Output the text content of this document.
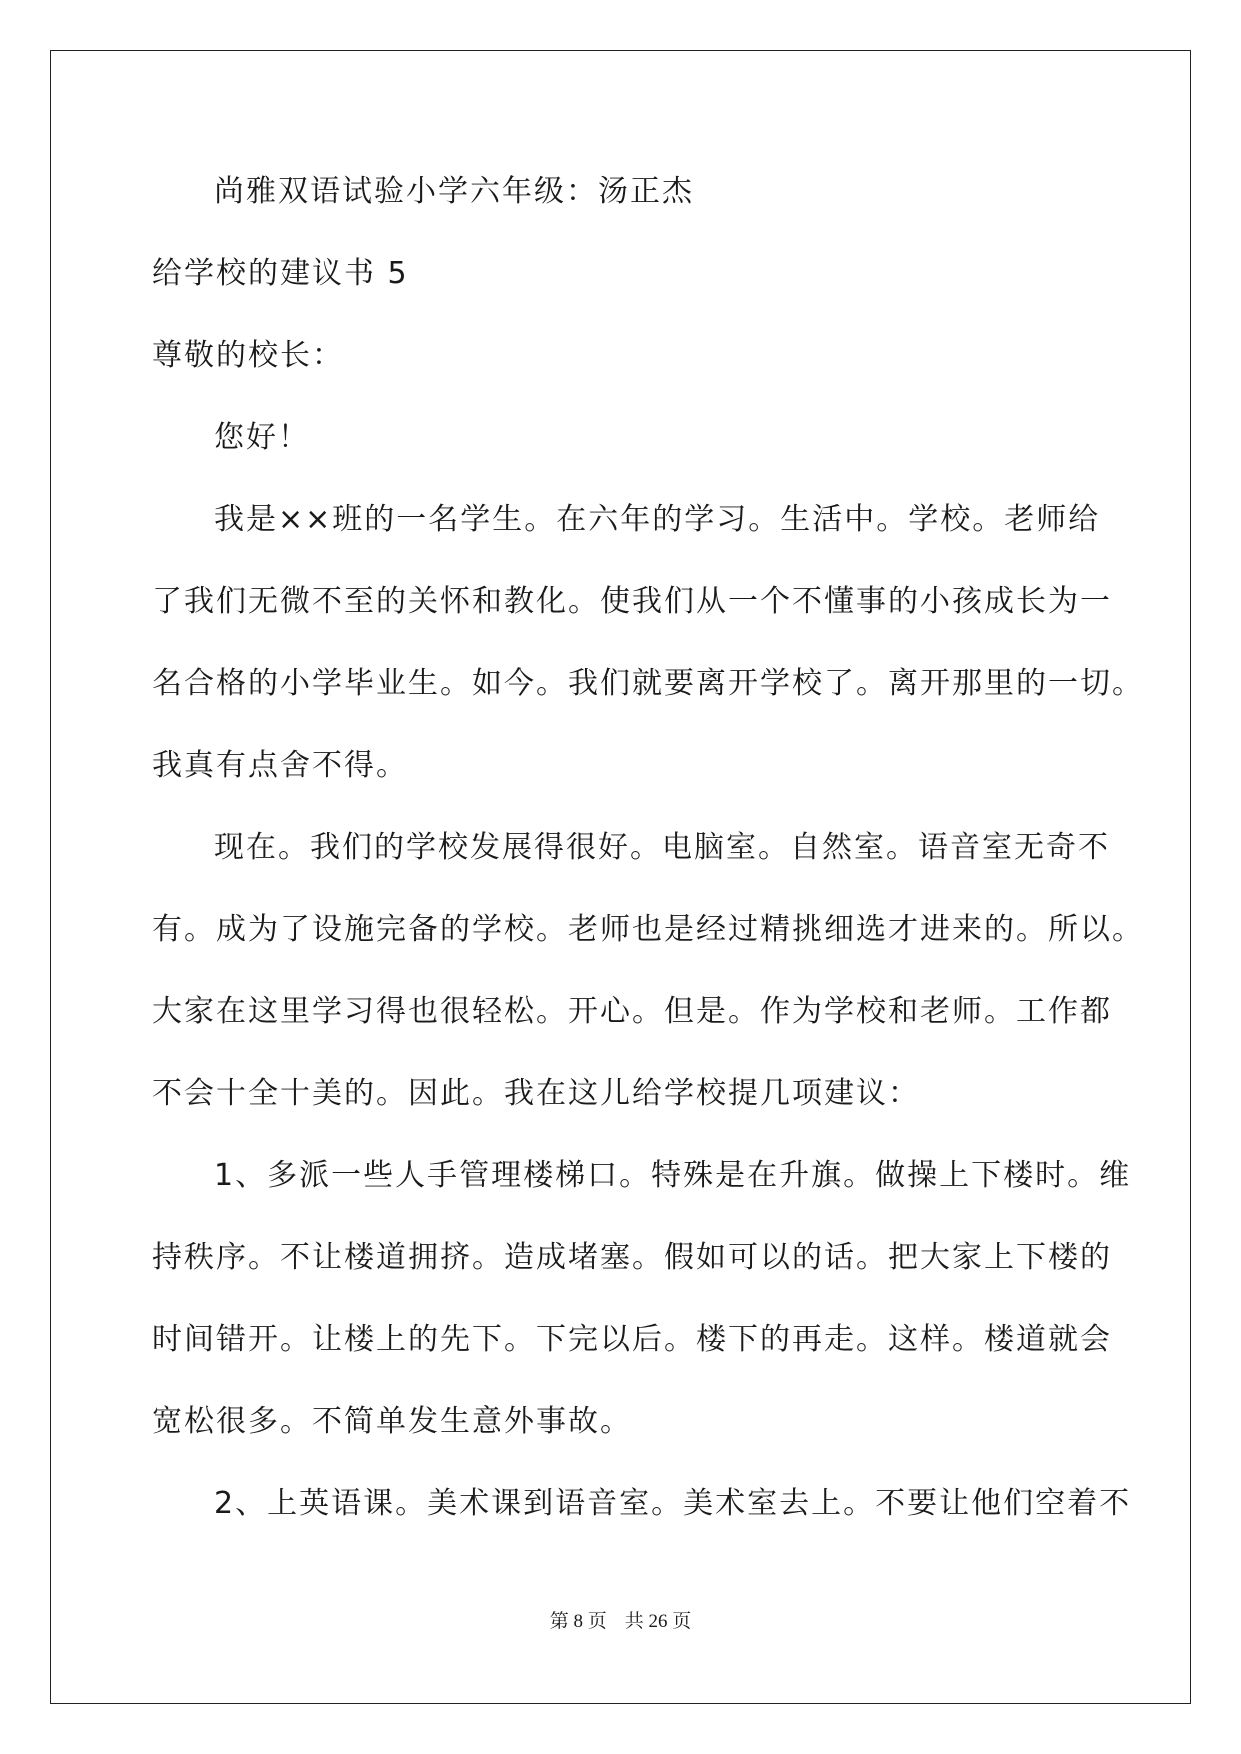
尚雅双语试验小学六年级：汤正杰
给学校的建议书 5
尊敬的校长：
您好！
我是××班的一名学生。在六年的学习。生活中。学校。老师给
了我们无微不至的关怀和教化。使我们从一个不懂事的小孩成长为一
名合格的小学毕业生。如今。我们就要离开学校了。离开那里的一切。
我真有点舍不得。
现在。我们的学校发展得很好。电脑室。自然室。语音室无奇不
有。成为了设施完备的学校。老师也是经过精挑细选才进来的。所以。
大家在这里学习得也很轻松。开心。但是。作为学校和老师。工作都
不会十全十美的。因此。我在这儿给学校提几项建议：
1、多派一些人手管理楼梯口。特殊是在升旗。做操上下楼时。维
持秩序。不让楼道拥挤。造成堵塞。假如可以的话。把大家上下楼的
时间错开。让楼上的先下。下完以后。楼下的再走。这样。楼道就会
宽松很多。不简单发生意外事故。
2、上英语课。美术课到语音室。美术室去上。不要让他们空着不
第 8 页 共 26 页
